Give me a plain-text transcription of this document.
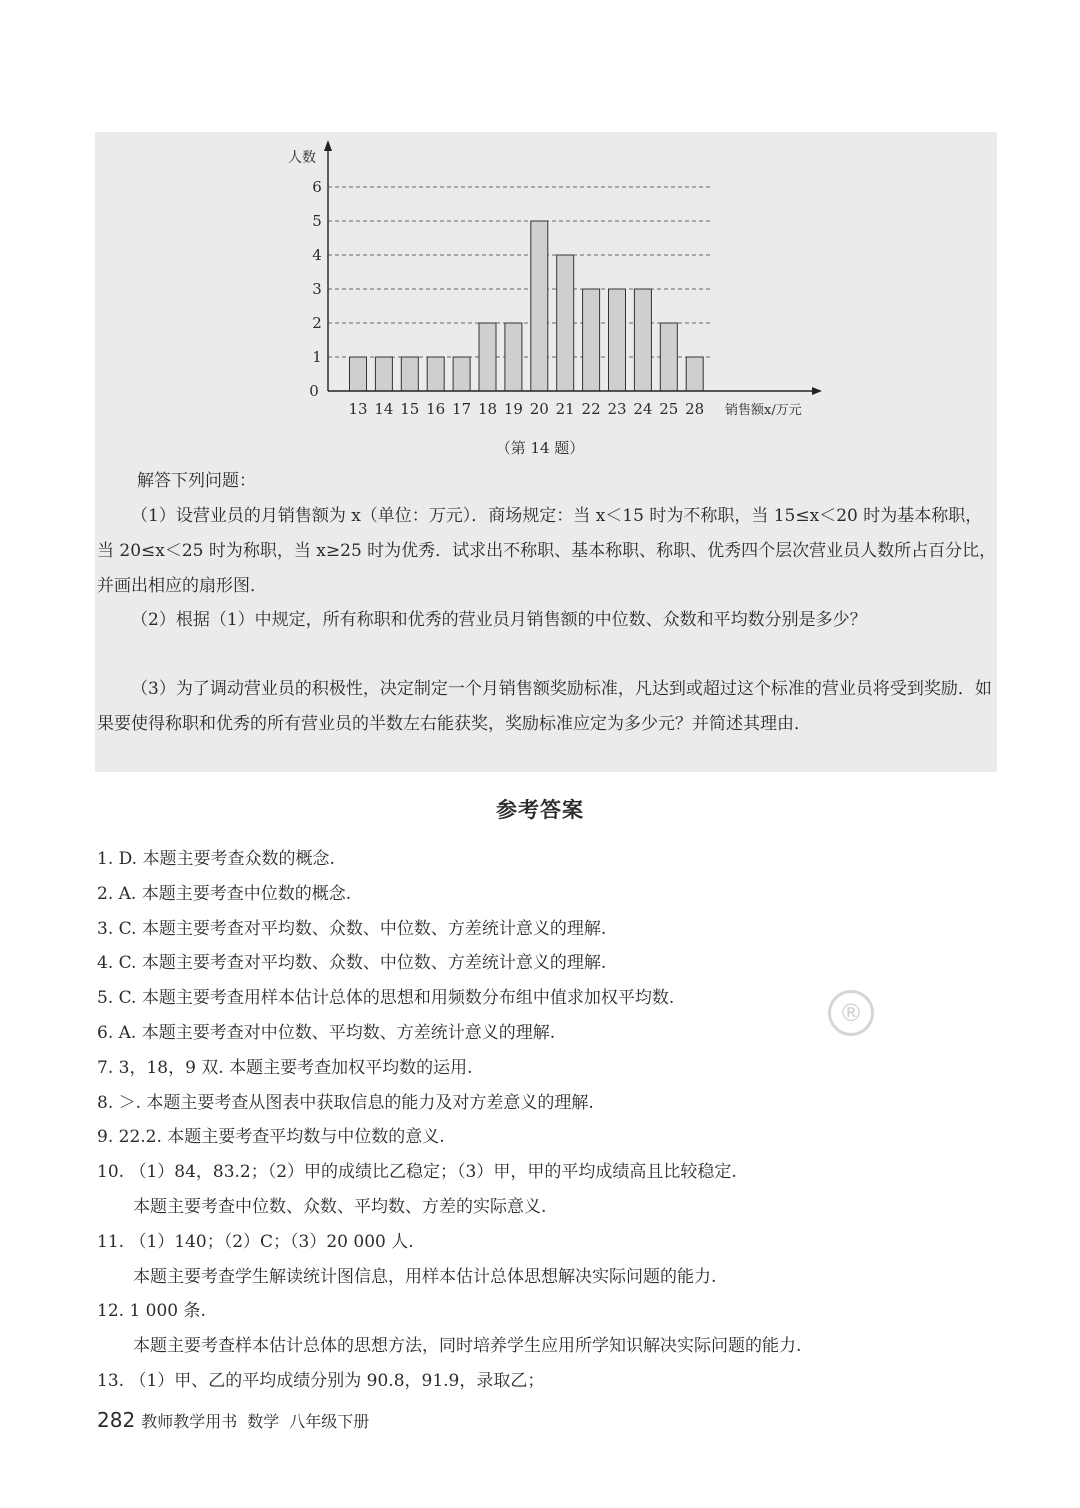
人数
销售额x/万元
0
1
2
3
4
5
6
13 14 15 16 17 18 19 20 21 22 23 24 25 28
（第 14 题）
解答下列问题：
（1）设营业员的月销售额为 x（单位：万元）．商场规定：当 x＜15 时为不称职，当 15≤x＜20 时为基本称职，当 20≤x＜25 时为称职，当 x≥25 时为优秀．试求出不称职、基本称职、称职、优秀四个层次营业员人数所占百分比，并画出相应的扇形图．
（2）根据（1）中规定，所有称职和优秀的营业员月销售额的中位数、众数和平均数分别是多少？
（3）为了调动营业员的积极性，决定制定一个月销售额奖励标准，凡达到或超过这个标准的营业员将受到奖励．如果要使得称职和优秀的所有营业员的半数左右能获奖，奖励标准应定为多少元？并简述其理由．
参考答案
1. D. 本题主要考查众数的概念.
2. A. 本题主要考查中位数的概念.
3. C. 本题主要考查对平均数、众数、中位数、方差统计意义的理解.
4. C. 本题主要考查对平均数、众数、中位数、方差统计意义的理解.
5. C. 本题主要考查用样本估计总体的思想和用频数分布组中值求加权平均数.
6. A. 本题主要考查对中位数、平均数、方差统计意义的理解.
7. 3，18，9 双. 本题主要考查加权平均数的运用.
8. ＞. 本题主要考查从图表中获取信息的能力及对方差意义的理解.
9. 22.2. 本题主要考查平均数与中位数的意义.
10. （1）84，83.2；（2）甲的成绩比乙稳定；（3）甲，甲的平均成绩高且比较稳定.
本题主要考查中位数、众数、平均数、方差的实际意义.
11. （1）140；（2）C；（3）20 000 人.
本题主要考查学生解读统计图信息，用样本估计总体思想解决实际问题的能力.
12. 1 000 条.
本题主要考查样本估计总体的思想方法，同时培养学生应用所学知识解决实际问题的能力.
13. （1）甲、乙的平均成绩分别为 90.8，91.9，录取乙；
®
282 教师教学用书 数学 八年级下册
